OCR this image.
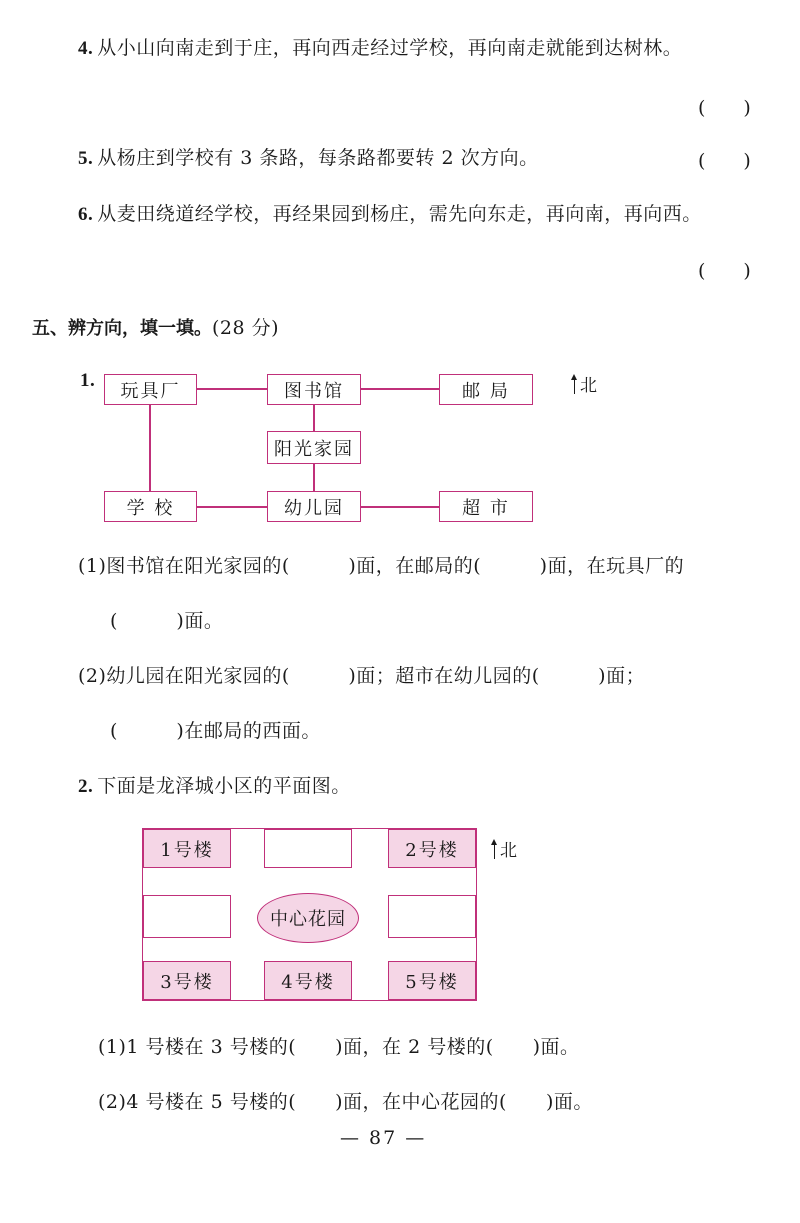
4. 从小山向南走到于庄，再向西走经过学校，再向南走就能到达树林。
(　　)
5. 从杨庄到学校有 3 条路，每条路都要转 2 次方向。	(　　)
6. 从麦田绕道经学校，再经果园到杨庄，需先向东走，再向南，再向西。
(　　)
五、辨方向，填一填。(28 分)
1.	玩具厂	图书馆	邮 局
阳光家园
学 校	幼儿园	超 市
北
(1)图书馆在阳光家园的(　　　)面，在邮局的(　　　)面，在玩具厂的
(　　　)面。
(2)幼儿园在阳光家园的(　　　)面；超市在幼儿园的(　　　)面；
(　　　)在邮局的西面。
2. 下面是龙泽城小区的平面图。
1号楼	2号楼
中心花园
3号楼	4号楼	5号楼
北
(1)1 号楼在 3 号楼的(　　)面，在 2 号楼的(　　)面。
(2)4 号楼在 5 号楼的(　　)面，在中心花园的(　　)面。
— 87 —
